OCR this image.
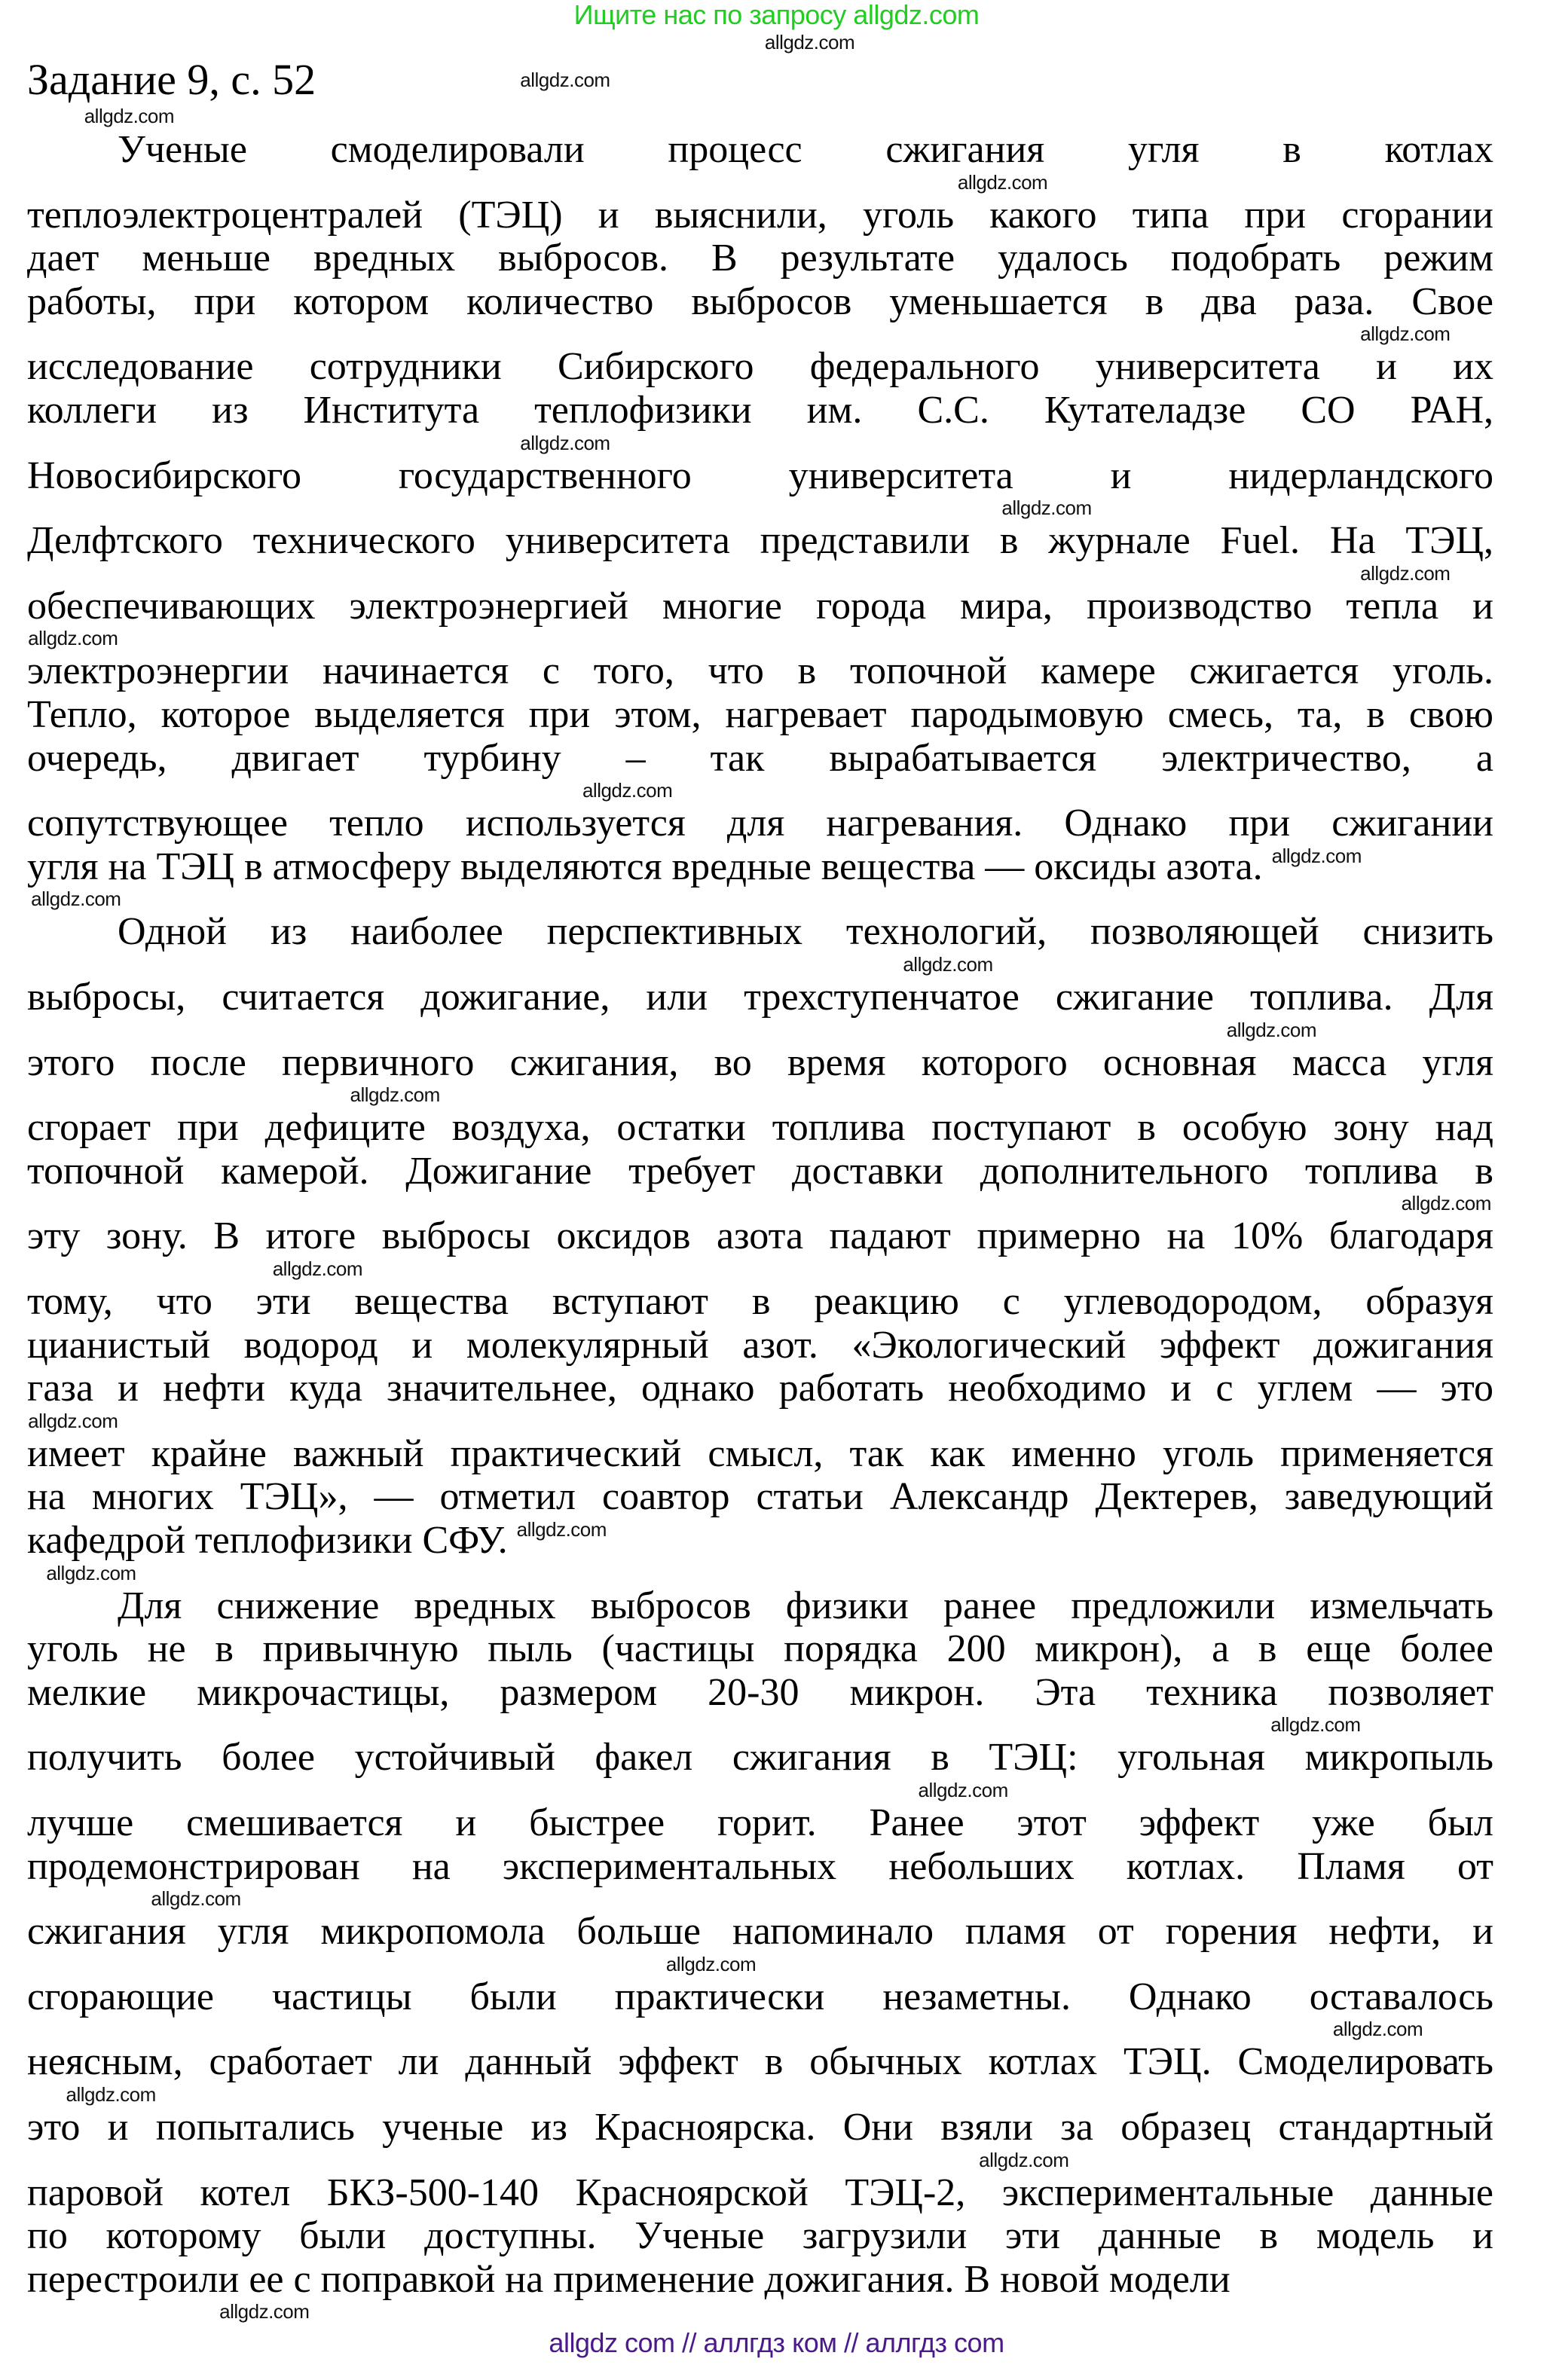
Ищите нас по запросу allgdz.com
Задание 9, с. 52
allgdz.com
allgdz.com
allgdz.com
Ученые смоделировали процесс сжигания угля в котлах
allgdz.com
теплоэлектроцентралей (ТЭЦ) и выяснили, уголь какого типа при сгорании
дает меньше вредных выбросов. В результате удалось подобрать режим
работы, при котором количество выбросов уменьшается в два раза. Свое
allgdz.com
исследование сотрудники Сибирского федерального университета и их
коллеги из Института теплофизики им. С.С. Кутателадзе СО РАН,
allgdz.com
Новосибирского государственного университета и нидерландского
allgdz.com
Делфтского технического университета представили в журнале Fuel. На ТЭЦ,
allgdz.com
обеспечивающих электроэнергией многие города мира, производство тепла и
allgdz.com
электроэнергии начинается с того, что в топочной камере сжигается уголь.
Тепло, которое выделяется при этом, нагревает пародымовую смесь, та, в свою
очередь, двигает турбину – так вырабатывается электричество, а
allgdz.com
сопутствующее тепло используется для нагревания. Однако при сжигании
угля на ТЭЦ в атмосферу выделяются вредные вещества — оксиды азота. $^{allgdz.com}$
allgdz.com
Одной из наиболее перспективных технологий, позволяющей снизить
allgdz.com
выбросы, считается дожигание, или трехступенчатое сжигание топлива. Для
allgdz.com
этого после первичного сжигания, во время которого основная масса угля
allgdz.com
сгорает при дефиците воздуха, остатки топлива поступают в особую зону над
топочной камерой. Дожигание требует доставки дополнительного топлива в
allgdz.com
эту зону. В итоге выбросы оксидов азота падают примерно на 10% благодаря
allgdz.com
тому, что эти вещества вступают в реакцию с углеводородом, образуя
цианистый водород и молекулярный азот. «Экологический эффект дожигания
газа и нефти куда значительнее, однако работать необходимо и с углем — это
allgdz.com
имеет крайне важный практический смысл, так как именно уголь применяется
на многих ТЭЦ», — отметил соавтор статьи Александр Дектерев, заведующий
кафедрой теплофизики СФУ. $^{allgdz.com}$
allgdz.com
Для снижение вредных выбросов физики ранее предложили измельчать
уголь не в привычную пыль (частицы порядка 200 микрон), а в еще более
мелкие микрочастицы, размером 20-30 микрон. Эта техника позволяет
allgdz.com
получить более устойчивый факел сжигания в ТЭЦ: угольная микропыль
allgdz.com
лучше смешивается и быстрее горит. Ранее этот эффект уже был
продемонстрирован на экспериментальных небольших котлах. Пламя от
allgdz.com
сжигания угля микропомола больше напоминало пламя от горения нефти, и
allgdz.com
сгорающие частицы были практически незаметны. Однако оставалось
allgdz.com
неясным, сработает ли данный эффект в обычных котлах ТЭЦ. Смоделировать
allgdz.com
это и попытались ученые из Красноярска. Они взяли за образец стандартный
allgdz.com
паровой котел БКЗ-500-140 Красноярской ТЭЦ-2, экспериментальные данные
по которому были доступны. Ученые загрузили эти данные в модель и
перестроили ее с поправкой на применение дожигания. В новой модели
allgdz.com
allgdz com // аллгдз ком // аллгдз com
